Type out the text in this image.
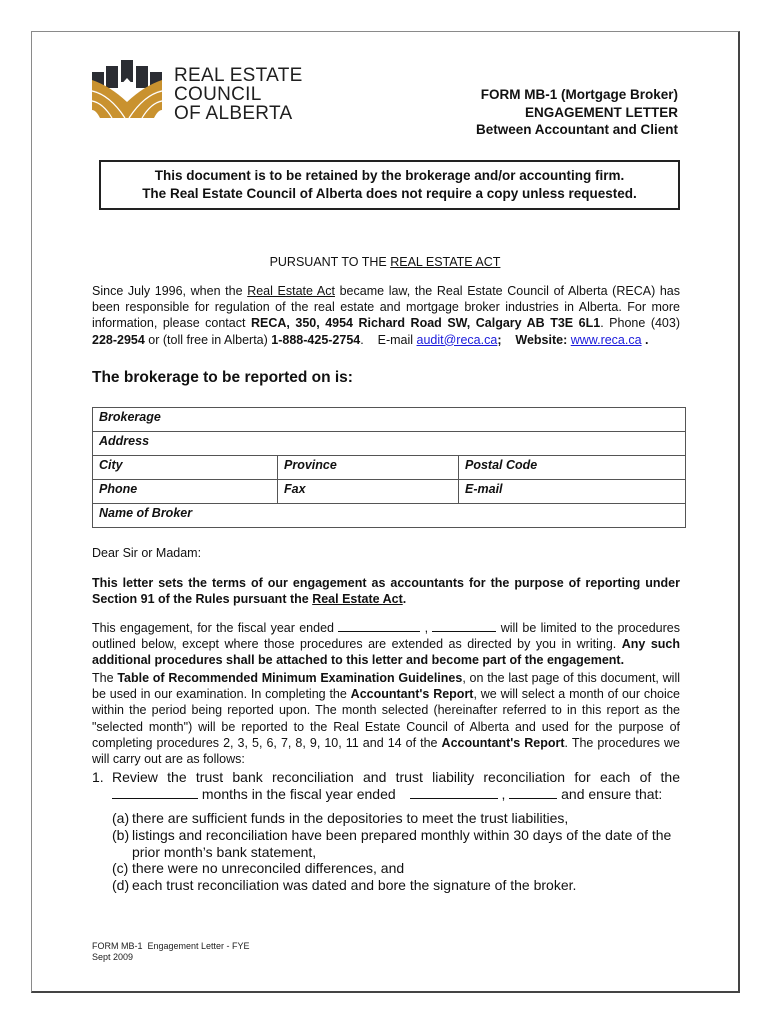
REAL ESTATE
COUNCIL
OF ALBERTA
FORM MB-1 (Mortgage Broker)
ENGAGEMENT LETTER
Between Accountant and Client
This document is to be retained by the brokerage and/or accounting firm.
The Real Estate Council of Alberta does not require a copy unless requested.
PURSUANT TO THE REAL ESTATE ACT
Since July 1996, when the Real Estate Act became law, the Real Estate Council of Alberta (RECA) has been responsible for regulation of the real estate and mortgage broker industries in Alberta. For more information, please contact RECA, 350, 4954 Richard Road SW, Calgary AB T3E 6L1. Phone (403) 228-2954 or (toll free in Alberta) 1-888-425-2754.    E-mail audit@reca.ca;    Website: www.reca.ca .
The brokerage to be reported on is:
Brokerage		
Address		
City	Province	Postal Code
Phone	Fax	E-mail
Name of Broker		
Dear Sir or Madam:
This letter sets the terms of our engagement as accountants for the purpose of reporting under Section 91 of the Rules pursuant the Real Estate Act.
This engagement, for the fiscal year ended	,	will be limited to the procedures outlined below, except where those procedures are extended as directed by you in writing. Any such additional procedures shall be attached to this letter and become part of the engagement.
The Table of Recommended Minimum Examination Guidelines, on the last page of this document, will be used in our examination. In completing the Accountant's Report, we will select a month of our choice within the period being reported upon. The month selected (hereinafter referred to in this report as the "selected month") will be reported to the Real Estate Council of Alberta and used for the purpose of completing procedures 2, 3, 5, 6, 7, 8, 9, 10, 11 and 14 of the Accountant's Report. The procedures we will carry out are as follows:
1. Review the trust bank reconciliation and trust liability reconciliation for each of the  months in the fiscal year ended	,	and ensure that:
(a) there are sufficient funds in the depositories to meet the trust liabilities,
(b) listings and reconciliation have been prepared monthly within 30 days of the date of the prior month’s bank statement,
(c) there were no unreconciled differences, and
(d) each trust reconciliation was dated and bore the signature of the broker.
FORM MB-1  Engagement Letter - FYE
Sept 2009
